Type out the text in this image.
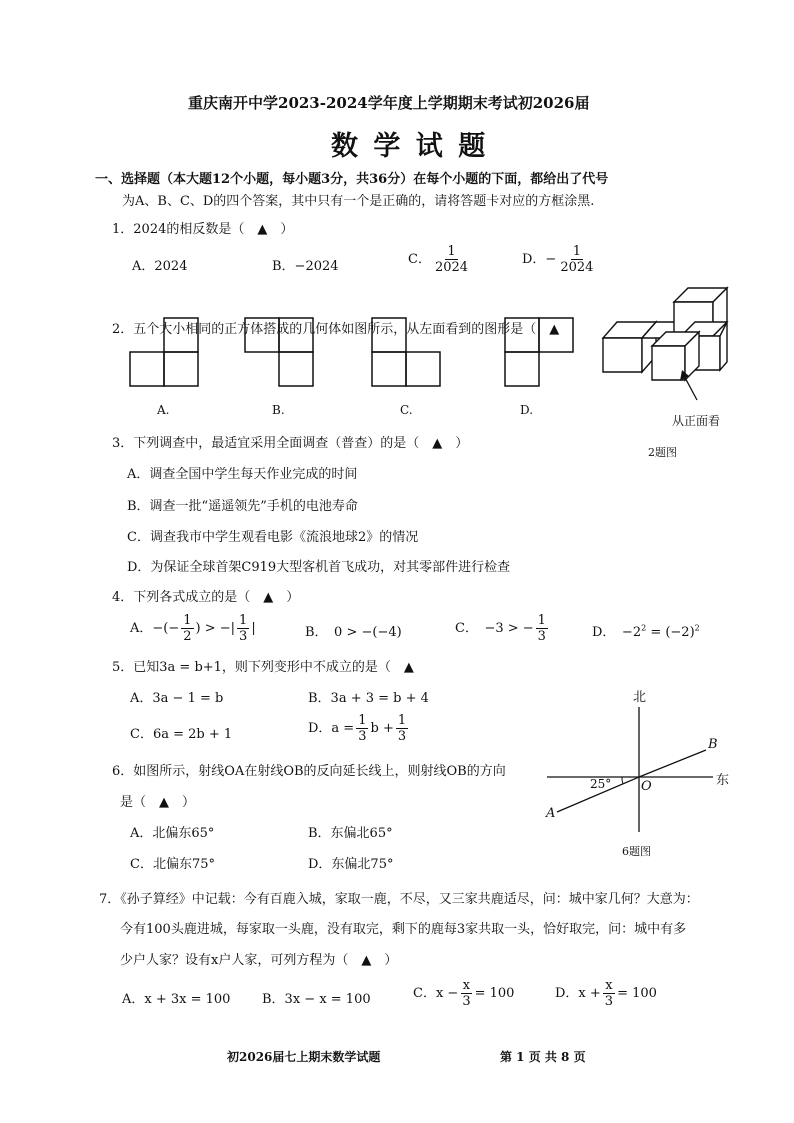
重庆南开中学2023-2024学年度上学期期末考试初2026届
数 学 试 题
一、选择题（本大题12个小题，每小题3分，共36分）在每个小题的下面，都给出了代号
为A、B、C、D的四个答案，其中只有一个是正确的，请将答题卡对应的方框涂黑.
1．2024的相反数是（　▲　）
A．2024	B．−2024	C． $\frac{1}{2024}$	D．− $\frac{1}{2024}$
2．五个大小相同的正方体搭成的几何体如图所示，从左面看到的图形是（　▲
A.	B.	C.	D.
从正面看
2题图
3．下列调查中，最适宜采用全面调查（普查）的是（　▲　）
A．调查全国中学生每天作业完成的时间
B．调查一批“遥遥领先”手机的电池寿命
C．调查我市中学生观看电影《流浪地球2》的情况
D．为保证全球首架C919大型客机首飞成功，对其零部件进行检查
4．下列各式成立的是（　▲　）
A．−(− $\frac{1}{2}$ ) > −| $\frac{1}{3}$ |	B．　0 > −(−4)	C．　−3 > − $\frac{1}{3}$	D．　$-2^2 = (-2)^2$
5．已知3a = b+1，则下列变形中不成立的是（　▲
A．3a − 1 = b	B．3a + 3 = b + 4
C．6a = 2b + 1	D．$a = \frac{1}{3}$ $b + \frac{1}{3}$
北
东
B
A
O
25°
6题图
6．如图所示，射线OA在射线OB的反向延长线上，则射线OB的方向
是（　▲　）
A．北偏东65°	B．东偏北65°
C．北偏东75°	D．东偏北75°
7．《孙子算经》中记载：今有百鹿入城，家取一鹿，不尽，又三家共鹿适尽，问：城中家几何？大意为：
今有100头鹿进城，每家取一头鹿，没有取完，剩下的鹿每3家共取一头，恰好取完，问：城中有多
少户人家？设有x户人家，可列方程为（　▲　）
A．x + 3x = 100 B．3x − x = 100	C．$x - \frac{x}{3} = 100$	D．$x + \frac{x}{3} = 100$
初2026届七上期末数学试题	第 1 页 共 8 页
